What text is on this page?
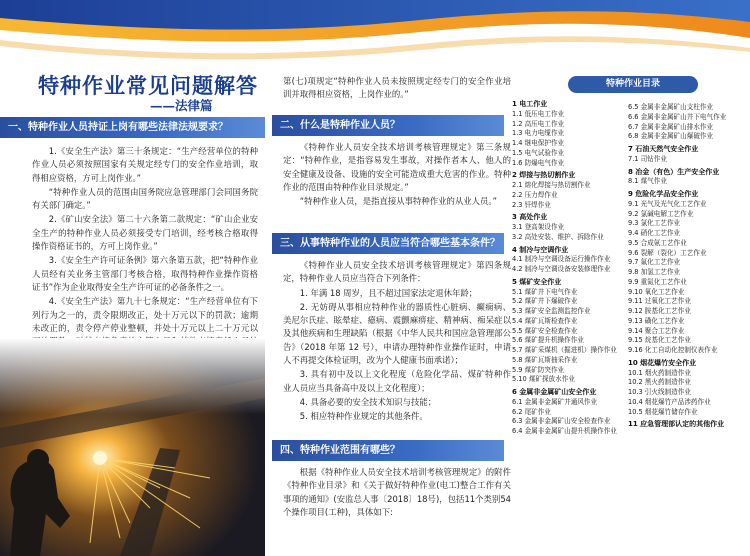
特种作业常见问题解答
——法律篇
一、特种作业人员持证上岗有哪些法律法规要求？

1.《安全生产法》第三十条规定：“生产经营单位的特种作业人员必须按照国家有关规定经专门的安全作业培训，取得相应资格，方可上岗作业。”

“特种作业人员的范围由国务院应急管理部门会同国务院有关部门确定。”

2.《矿山安全法》第二十六条第二款规定：“矿山企业安全生产的特种作业人员必须接受专门培训，经考核合格取得操作资格证书的，方可上岗作业。”

3.《安全生产许可证条例》第六条第五款，把“特种作业人员经有关业务主管部门考核合格，取得特种作业操作资格证书”作为企业取得安全生产许可证的必备条件之一。

4.《安全生产法》第九十七条规定：“生产经营单位有下列行为之一的，责令限期改正，处十万元以下的罚款；逾期未改正的，责令停产停业整顿，并处十万元以上二十万元以

第(七)项规定“特种作业人员未按照规定经专门的安全作业培训并取得相应资格，上岗作业的。”

二、什么是特种作业人员？

《特种作业人员安全技术培训考核管理规定》第三条规定：“特种作业，是指容易发生事故，对操作者本人、他人的安全健康及设备、设施的安全可能造成重大危害的作业。特种作业的范围由特种作业目录规定。”

“特种作业人员，是指直接从事特种作业的从业人员。”

三、从事特种作业的人员应当符合哪些基本条件？

《特种作业人员安全技术培训考核管理规定》第四条规定，特种作业人员应当符合下列条件：

1. 年满 18 周岁，且不超过国家法定退休年龄；

2. 无妨碍从事相应特种作业的器质性心脏病、癫痫病、美尼尔氏症、眩晕症、癔病、震颤麻痹症、精神病、痴呆症以及其他疾病和生理缺陷（根据《中华人民共和国应急管理部公告》（2018 年第 12 号），申请办理特种作业操作证时，申请人不再提交体检证明，改为个人健康书面承诺）；

3. 具有初中及以上文化程度（危险化学品、煤矿特种作业人员应当具备高中及以上文化程度）；

4. 具备必要的安全技术知识与技能；

5. 相应特种作业规定的其他条件。

四、特种作业范围有哪些？

根据《特种作业人员安全技术培训考核管理规定》的附件《特种作业目录》和《关于做好特种作业(电工)整合工作有关事项的通知》(安监总人事〔2018〕18号)，包括11个类别54个操作项目(工种)，具体如下:

特种作业目录
1 电工作业
1.1 低压电工作业
1.2 高压电工作业
1.3 电力电缆作业
1.4 继电保护作业
1.5 电气试验作业
1.6 防爆电气作业
2 焊接与热切割作业
2.1 熔化焊接与热切割作业
2.2 压力焊作业
2.3 钎焊作业
3 高处作业
3.1 登高架设作业
3.2 高处安装、维护、拆除作业
4 制冷与空调作业
4.1 制冷与空调设备运行操作作业
4.2 制冷与空调设备安装修理作业
5 煤矿安全作业
5.1 煤矿井下电气作业
5.2 煤矿井下爆破作业
5.3 煤矿安全监测监控作业
5.4 煤矿瓦斯检查作业
5.5 煤矿安全检查作业
5.6 煤矿提升机操作作业
5.7 煤矿采煤机（掘进机）操作作业
5.8 煤矿瓦斯抽采作业
5.9 煤矿防突作业
5.10 煤矿探放水作业
6 金属非金属矿山安全作业
6.1 金属非金属矿井通风作业
6.2 尾矿作业
6.3 金属非金属矿山安全检查作业
6.4 金属非金属矿山提升机操作作业
6.5 金属非金属矿山支柱作业
6.6 金属非金属矿山井下电气作业
6.7 金属非金属矿山排水作业
6.8 金属非金属矿山爆破作业
7 石油天然气安全作业
7.1 司钻作业
8 冶金（有色）生产安全作业
8.1 煤气作业
9 危险化学品安全作业
9.1 光气及光气化工艺作业
9.2 氯碱电解工艺作业
9.3 氯化工艺作业
9.4 硝化工艺作业
9.5 合成氨工艺作业
9.6 裂解（裂化）工艺作业
9.7 氟化工艺作业
9.8 加氢工艺作业
9.9 重氮化工艺作业
9.10 氧化工艺作业
9.11 过氧化工艺作业
9.12 胺基化工艺作业
9.13 磺化工艺作业
9.14 聚合工艺作业
9.15 烷基化工艺作业
9.16 化工自动化控制仪表作业
10 烟花爆竹安全作业
10.1 烟火药制造作业
10.2 黑火药制造作业
10.3 引火线制造作业
10.4 烟花爆竹产品涉药作业
10.5 烟花爆竹储存作业
11 应急管理部认定的其他作业
